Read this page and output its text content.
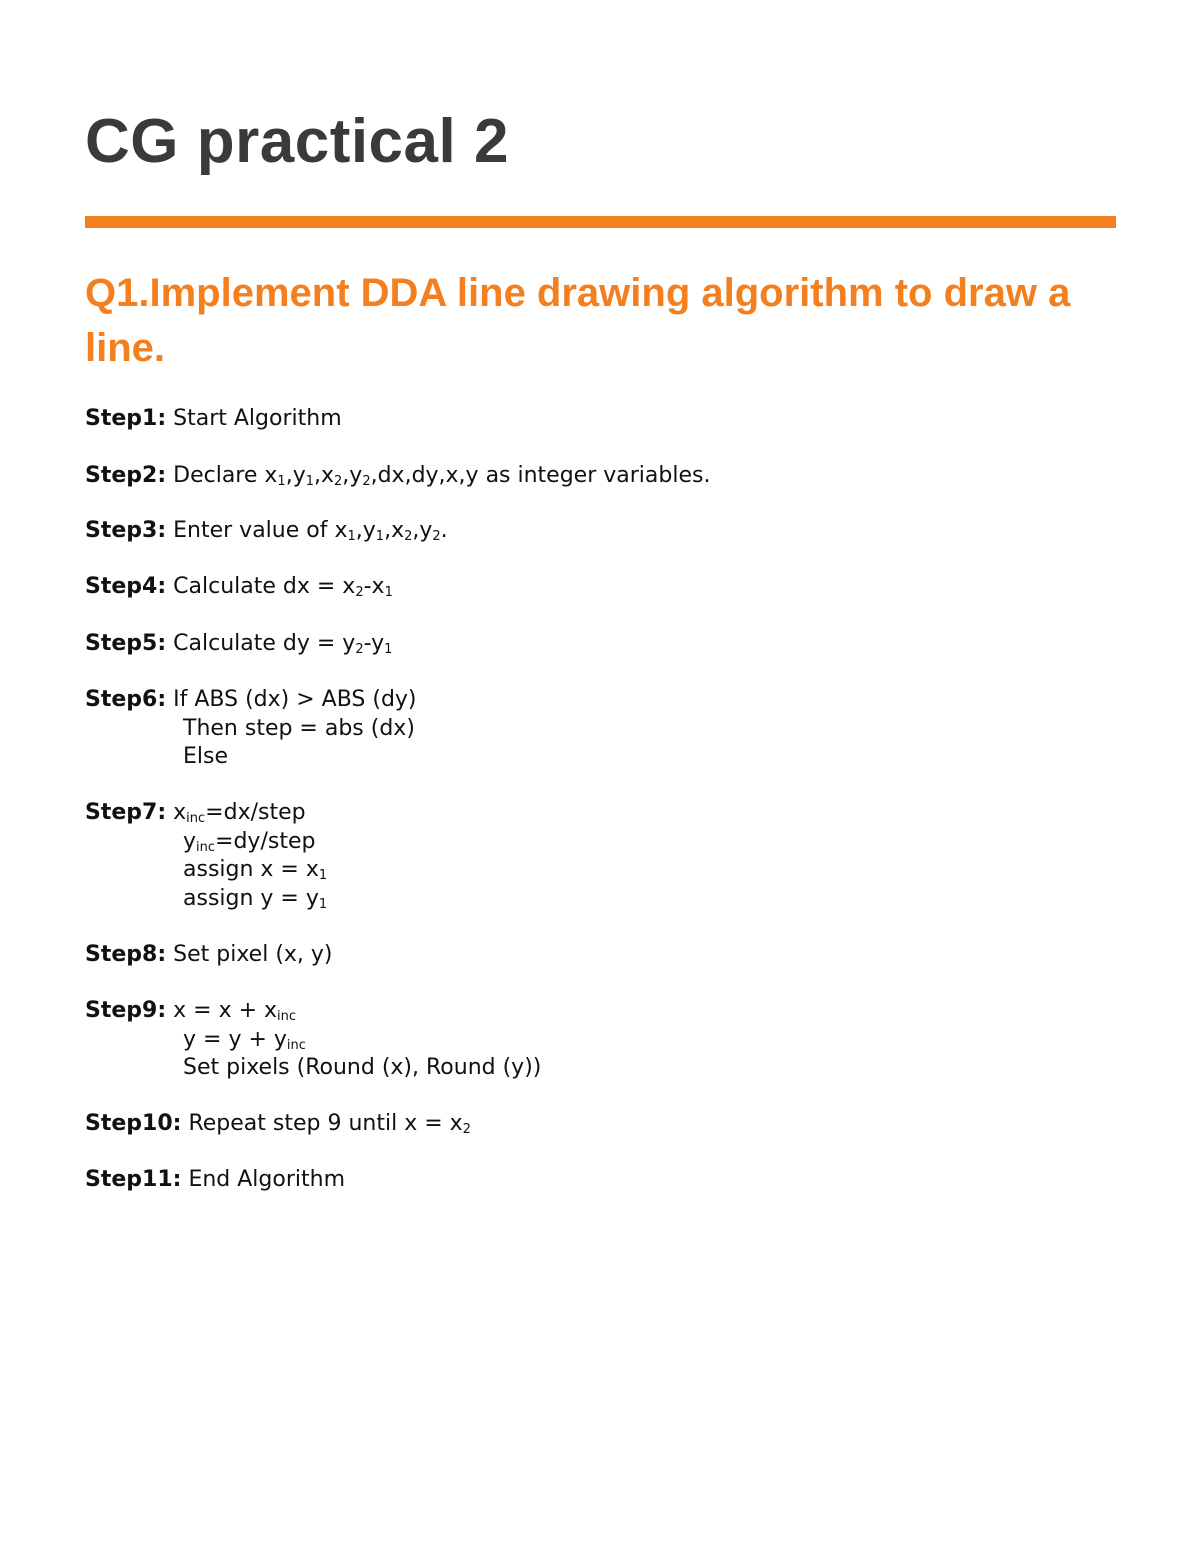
CG practical 2
Q1.Implement DDA line drawing algorithm to draw a line.
Step1: Start Algorithm
Step2: Declare $x_1,y_1,x_2,y_2,dx,dy,x,y$ as integer variables.
Step3: Enter value of $x_1,y_1,x_2,y_2$.
Step4: Calculate dx = $x_2-x_1$
Step5: Calculate dy = $y_2-y_1$
Step6: If ABS (dx) > ABS (dy)
Then step = abs (dx)
Else
Step7: $x_{inc}=dx$/step
$y_{inc}=dy$/step
assign $x = x_1$
assign $y = y_1$
Step8: Set pixel (x, y)
Step9: $x = x + x_{inc}$
$y = y + y_{inc}$
Set pixels (Round (x), Round (y))
Step10: Repeat step 9 until $x = x_2$
Step11: End Algorithm
